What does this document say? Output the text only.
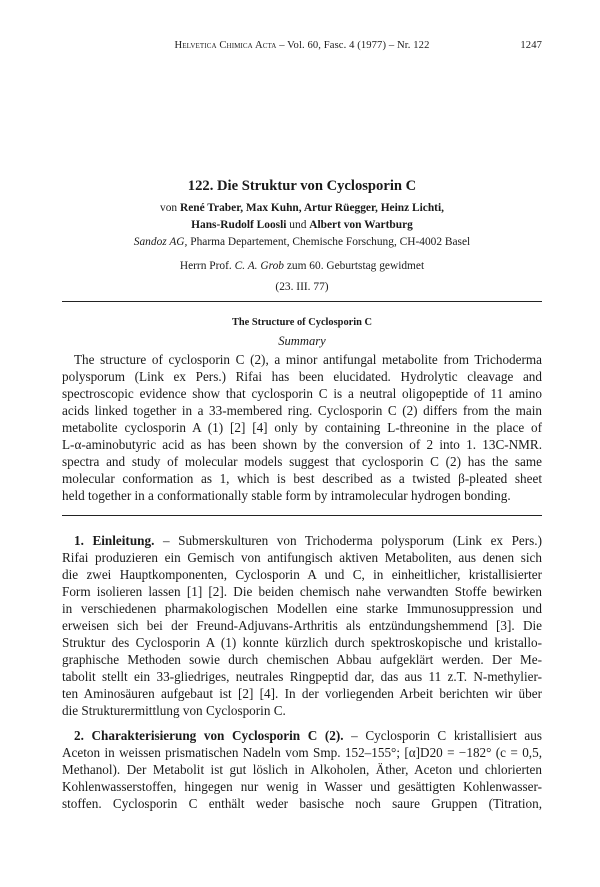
Helvetica Chimica Acta – Vol. 60, Fasc. 4 (1977) – Nr. 122	1247
122. Die Struktur von Cyclosporin C
von René Traber, Max Kuhn, Artur Rüegger, Heinz Lichti,
Hans-Rudolf Loosli und Albert von Wartburg
Sandoz AG, Pharma Departement, Chemische Forschung, CH-4002 Basel
Herrn Prof. C. A. Grob zum 60. Geburtstag gewidmet
(23. III. 77)
The Structure of Cyclosporin C
Summary
The structure of cyclosporin C (2), a minor antifungal metabolite from Trichoderma
polysporum (Link ex Pers.) Rifai has been elucidated. Hydrolytic cleavage and
spectroscopic evidence show that cyclosporin C is a neutral oligopeptide of 11 amino
acids linked together in a 33-membered ring. Cyclosporin C (2) differs from the main
metabolite cyclosporin A (1) [2] [4] only by containing L-threonine in the place of
L-α-aminobutyric acid as has been shown by the conversion of 2 into 1. 13C-NMR.
spectra and study of molecular models suggest that cyclosporin C (2) has the same
molecular conformation as 1, which is best described as a twisted β-pleated sheet
held together in a conformationally stable form by intramolecular hydrogen bonding.
1. Einleitung. – Submerskulturen von Trichoderma polysporum (Link ex Pers.)
Rifai produzieren ein Gemisch von antifungisch aktiven Metaboliten, aus denen sich
die zwei Hauptkomponenten, Cyclosporin A und C, in einheitlicher, kristallisierter
Form isolieren lassen [1] [2]. Die beiden chemisch nahe verwandten Stoffe bewirken
in verschiedenen pharmakologischen Modellen eine starke Immunosuppression und
erweisen sich bei der Freund-Adjuvans-Arthritis als entzündungshemmend [3]. Die
Struktur des Cyclosporin A (1) konnte kürzlich durch spektroskopische und kristallo-
graphische Methoden sowie durch chemischen Abbau aufgeklärt werden. Der Me-
tabolit stellt ein 33-gliedriges, neutrales Ringpeptid dar, das aus 11 z.T. N-methylier-
ten Aminosäuren aufgebaut ist [2] [4]. In der vorliegenden Arbeit berichten wir über
die Strukturermittlung von Cyclosporin C.
2. Charakterisierung von Cyclosporin C (2). – Cyclosporin C kristallisiert aus
Aceton in weissen prismatischen Nadeln vom Smp. 152–155°; [α]D20 = −182° (c = 0,5,
Methanol). Der Metabolit ist gut löslich in Alkoholen, Äther, Aceton und chlorierten
Kohlenwasserstoffen, hingegen nur wenig in Wasser und gesättigten Kohlenwasser-
stoffen. Cyclosporin C enthält weder basische noch saure Gruppen (Titration,
